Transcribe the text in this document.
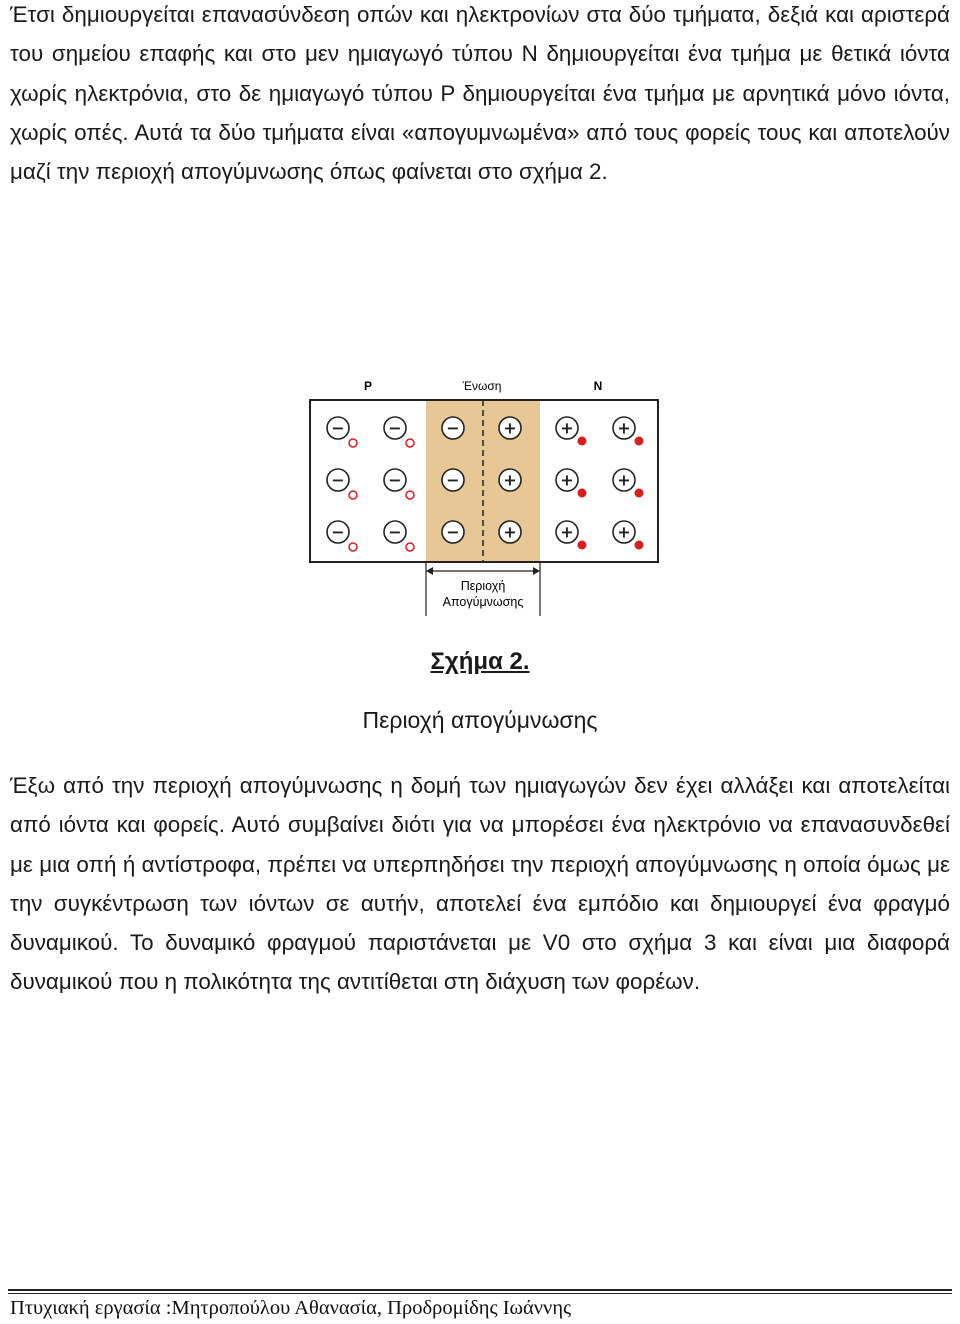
Έτσι δημιουργείται επανασύνδεση οπών και ηλεκτρονίων στα δύο τμήματα, δεξιά και αριστερά του σημείου επαφής και στο μεν ημιαγωγό τύπου Ν δημιουργείται ένα τμήμα με θετικά ιόντα χωρίς ηλεκτρόνια, στο δε ημιαγωγό τύπου P δημιουργείται ένα τμήμα με αρνητικά μόνο ιόντα, χωρίς οπές. Αυτά τα δύο τμήματα είναι «απογυμνωμένα» από τους φορείς τους και αποτελούν μαζί την περιοχή απογύμνωσης όπως φαίνεται στο σχήμα 2.

P	Ένωση	N
Περιοχή
Απογύμνωσης
−	−	−	+	+	+
−	−	−	+	+	+
−	−	−	+	+	+

Σχήμα 2.

Περιοχή απογύμνωσης

Έξω από την περιοχή απογύμνωσης η δομή των ημιαγωγών δεν έχει αλλάξει και αποτελείται από ιόντα και φορείς. Αυτό συμβαίνει διότι για να μπορέσει ένα ηλεκτρόνιο να επανασυνδεθεί με μια οπή ή αντίστροφα, πρέπει να υπερπηδήσει την περιοχή απογύμνωσης η οποία όμως με την συγκέντρωση των ιόντων σε αυτήν, αποτελεί ένα εμπόδιο και δημιουργεί ένα φραγμό δυναμικού. Το δυναμικό φραγμού παριστάνεται με V0 στο σχήμα 3 και είναι μια διαφορά δυναμικού που η πολικότητα της αντιτίθεται στη διάχυση των φορέων.

Πτυχιακή εργασία :Μητροπούλου Αθανασία, Προδρομίδης Ιωάννης
